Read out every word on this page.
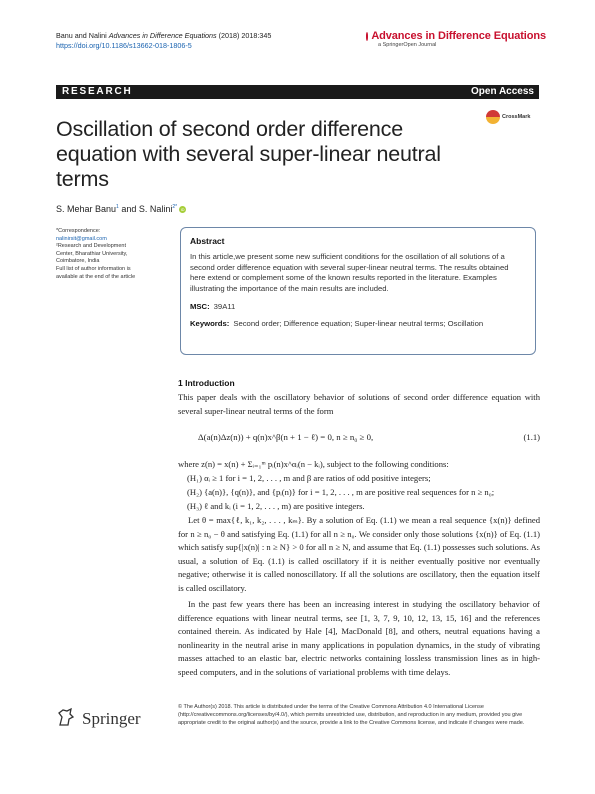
Banu and Nalini Advances in Difference Equations (2018) 2018:345
https://doi.org/10.1186/s13662-018-1806-5
Advances in Difference Equations
a SpringerOpen Journal
RESEARCH	Open Access
Oscillation of second order difference equation with several super-linear neutral terms
CrossMark
S. Mehar Banu$^1$ and S. Nalini$^{2*}$ iD
*Correspondence:
nalinirsit@gmail.com
²Research and Development
Center, Bharathiar University,
Coimbatore, India
Full list of author information is
available at the end of the article
Abstract
In this article,we present some new sufficient conditions for the oscillation of all solutions of a second order difference equation with several super-linear neutral terms. The results obtained here extend or complement some of the known results reported in the literature. Examples illustrating the importance of the main results are included.
MSC: 39A11
Keywords: Second order; Difference equation; Super-linear neutral terms; Oscillation
1 Introduction
This paper deals with the oscillatory behavior of solutions of second order difference equation with several super-linear neutral terms of the form
Δ(a(n)Δz(n)) + q(n)x^β(n + 1 − ℓ) = 0, n ≥ n₀ ≥ 0,	(1.1)
where z(n) = x(n) + Σᵢ₌₁ᵐ pᵢ(n)x^αᵢ(n − kᵢ), subject to the following conditions:
(H₁) αᵢ ≥ 1 for i = 1, 2, . . . , m and β are ratios of odd positive integers;
(H₂) {a(n)}, {q(n)}, and {pᵢ(n)} for i = 1, 2, . . . , m are positive real sequences for n ≥ n₀;
(H₃) ℓ and kᵢ (i = 1, 2, . . . , m) are positive integers.
Let θ = max{ℓ, k₁, k₂, . . . , kₘ}. By a solution of Eq. (1.1) we mean a real sequence {x(n)} defined for n ≥ n₀ − θ and satisfying Eq. (1.1) for all n ≥ n₀. We consider only those solutions {x(n)} of Eq. (1.1) which satisfy sup{|x(n)| : n ≥ N} > 0 for all n ≥ N, and assume that Eq. (1.1) possesses such solutions. As usual, a solution of Eq. (1.1) is called oscillatory if it is neither eventually positive nor eventually negative; otherwise it is called nonoscillatory. If all the solutions are oscillatory, then the equation itself is called oscillatory.
In the past few years there has been an increasing interest in studying the oscillatory behavior of difference equations with linear neutral terms, see [1, 3, 7, 9, 10, 12, 13, 15, 16] and the references contained therein. As indicated by Hale [4], MacDonald [8], and others, neutral equations having a nonlinearity in the neutral arise in many applications in population dynamics, in the study of vibrating masses attached to an elastic bar, electric networks containing lossless transmission lines as in high-speed computers, and in the solutions of variational problems with time delays.
Springer
© The Author(s) 2018. This article is distributed under the terms of the Creative Commons Attribution 4.0 International License (http://creativecommons.org/licenses/by/4.0/), which permits unrestricted use, distribution, and reproduction in any medium, provided you give appropriate credit to the original author(s) and the source, provide a link to the Creative Commons license, and indicate if changes were made.
